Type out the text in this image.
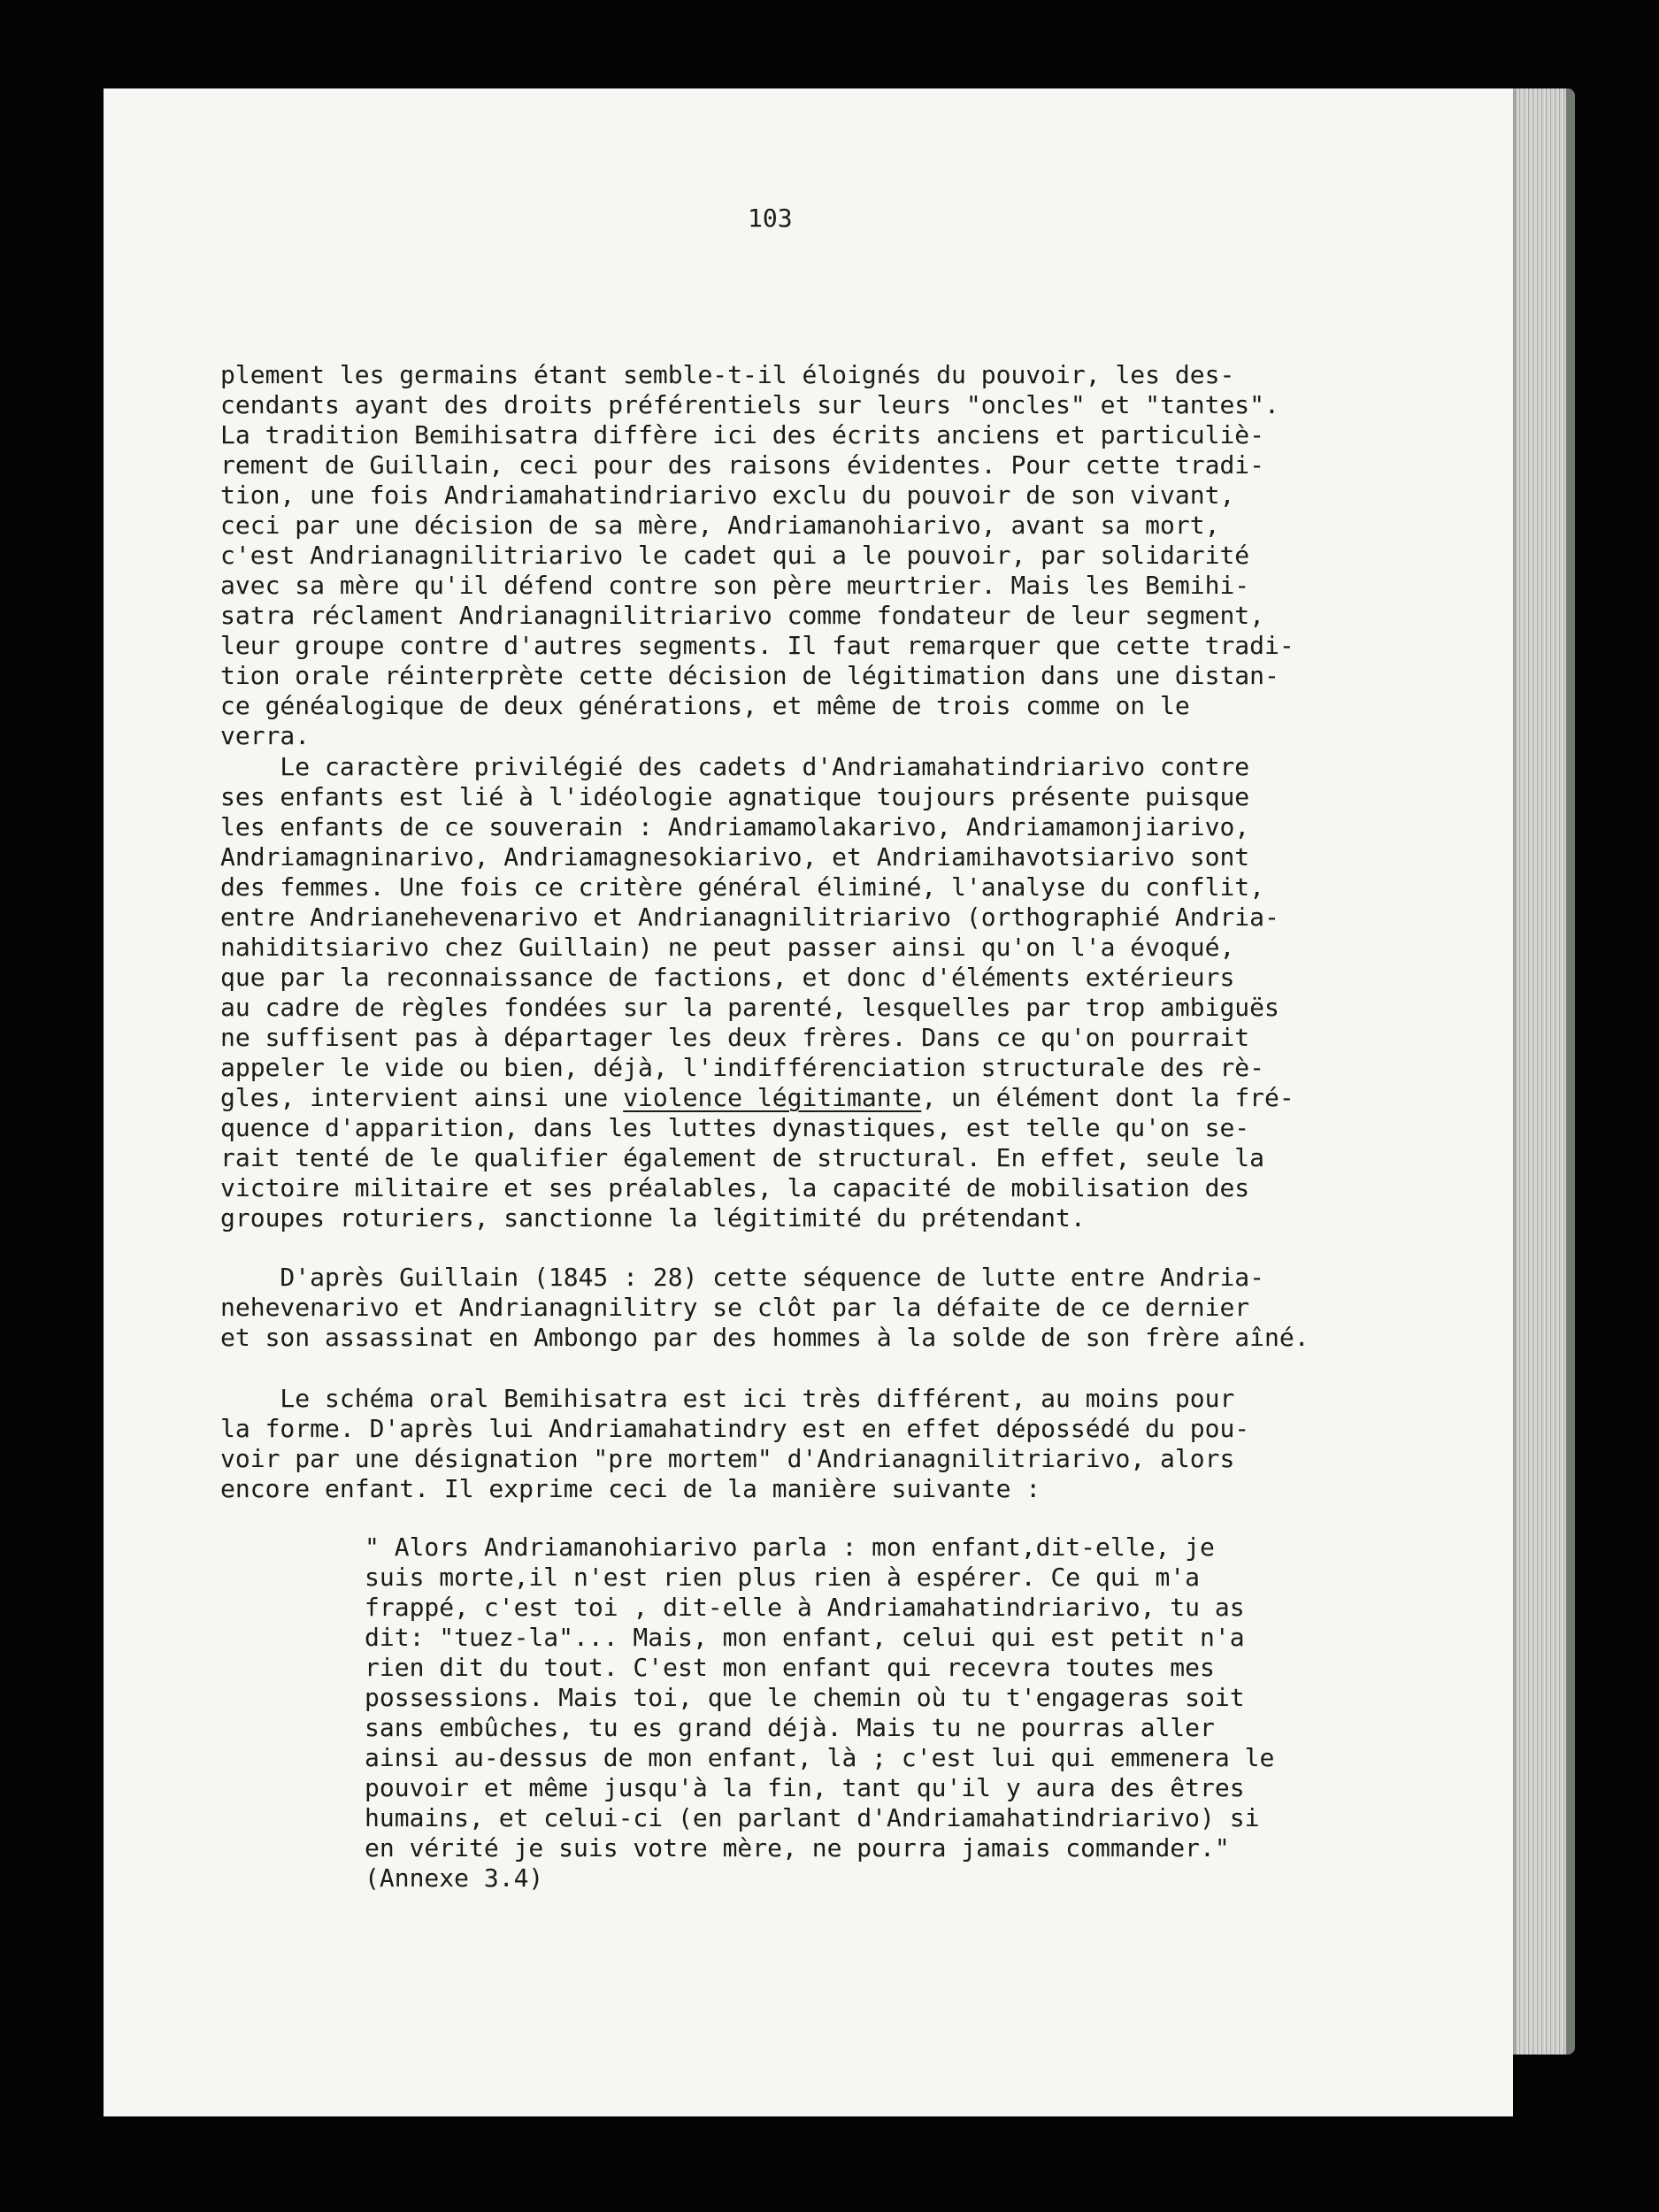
103

plement les germains étant semble-t-il éloignés du pouvoir, les des-

cendants ayant des droits préférentiels sur leurs "oncles" et "tantes".

La tradition Bemihisatra diffère ici des écrits anciens et particuliè-

rement de Guillain, ceci pour des raisons évidentes. Pour cette tradi-

tion, une fois Andriamahatindriarivo exclu du pouvoir de son vivant,

ceci par une décision de sa mère, Andriamanohiarivo, avant sa mort,

c'est Andrianagnilitriarivo le cadet qui a le pouvoir, par solidarité

avec sa mère qu'il défend contre son père meurtrier. Mais les Bemihi-

satra réclament Andrianagnilitriarivo comme fondateur de leur segment,

leur groupe contre d'autres segments. Il faut remarquer que cette tradi-

tion orale réinterprète cette décision de légitimation dans une distan-

ce généalogique de deux générations, et même de trois comme on le

verra.

Le caractère privilégié des cadets d'Andriamahatindriarivo contre

ses enfants est lié à l'idéologie agnatique toujours présente puisque

les enfants de ce souverain : Andriamamolakarivo, Andriamamonjiarivo,

Andriamagninarivo, Andriamagnesokiarivo, et Andriamihavotsiarivo sont

des femmes. Une fois ce critère général éliminé, l'analyse du conflit,

entre Andrianehevenarivo et Andrianagnilitriarivo (orthographié Andria-

nahiditsiarivo chez Guillain) ne peut passer ainsi qu'on l'a évoqué,

que par la reconnaissance de factions, et donc d'éléments extérieurs

au cadre de règles fondées sur la parenté, lesquelles par trop ambiguës

ne suffisent pas à départager les deux frères. Dans ce qu'on pourrait

appeler le vide ou bien, déjà, l'indifférenciation structurale des rè-

gles, intervient ainsi une violence légitimante, un élément dont la fré-

quence d'apparition, dans les luttes dynastiques, est telle qu'on se-

rait tenté de le qualifier également de structural. En effet, seule la

victoire militaire et ses préalables, la capacité de mobilisation des

groupes roturiers, sanctionne la légitimité du prétendant.

D'après Guillain (1845 : 28) cette séquence de lutte entre Andria-

nehevenarivo et Andrianagnilitry se clôt par la défaite de ce dernier

et son assassinat en Ambongo par des hommes à la solde de son frère aîné.

Le schéma oral Bemihisatra est ici très différent, au moins pour

la forme. D'après lui Andriamahatindry est en effet dépossédé du pou-

voir par une désignation "pre mortem" d'Andrianagnilitriarivo, alors

encore enfant. Il exprime ceci de la manière suivante :

" Alors Andriamanohiarivo parla : mon enfant,dit-elle, je

suis morte,il n'est rien plus rien à espérer. Ce qui m'a

frappé, c'est toi , dit-elle à Andriamahatindriarivo, tu as

dit: "tuez-la"... Mais, mon enfant, celui qui est petit n'a

rien dit du tout. C'est mon enfant qui recevra toutes mes

possessions. Mais toi, que le chemin où tu t'engageras soit

sans embûches, tu es grand déjà. Mais tu ne pourras aller

ainsi au-dessus de mon enfant, là ; c'est lui qui emmenera le

pouvoir et même jusqu'à la fin, tant qu'il y aura des êtres

humains, et celui-ci (en parlant d'Andriamahatindriarivo) si

en vérité je suis votre mère, ne pourra jamais commander."

(Annexe 3.4)
